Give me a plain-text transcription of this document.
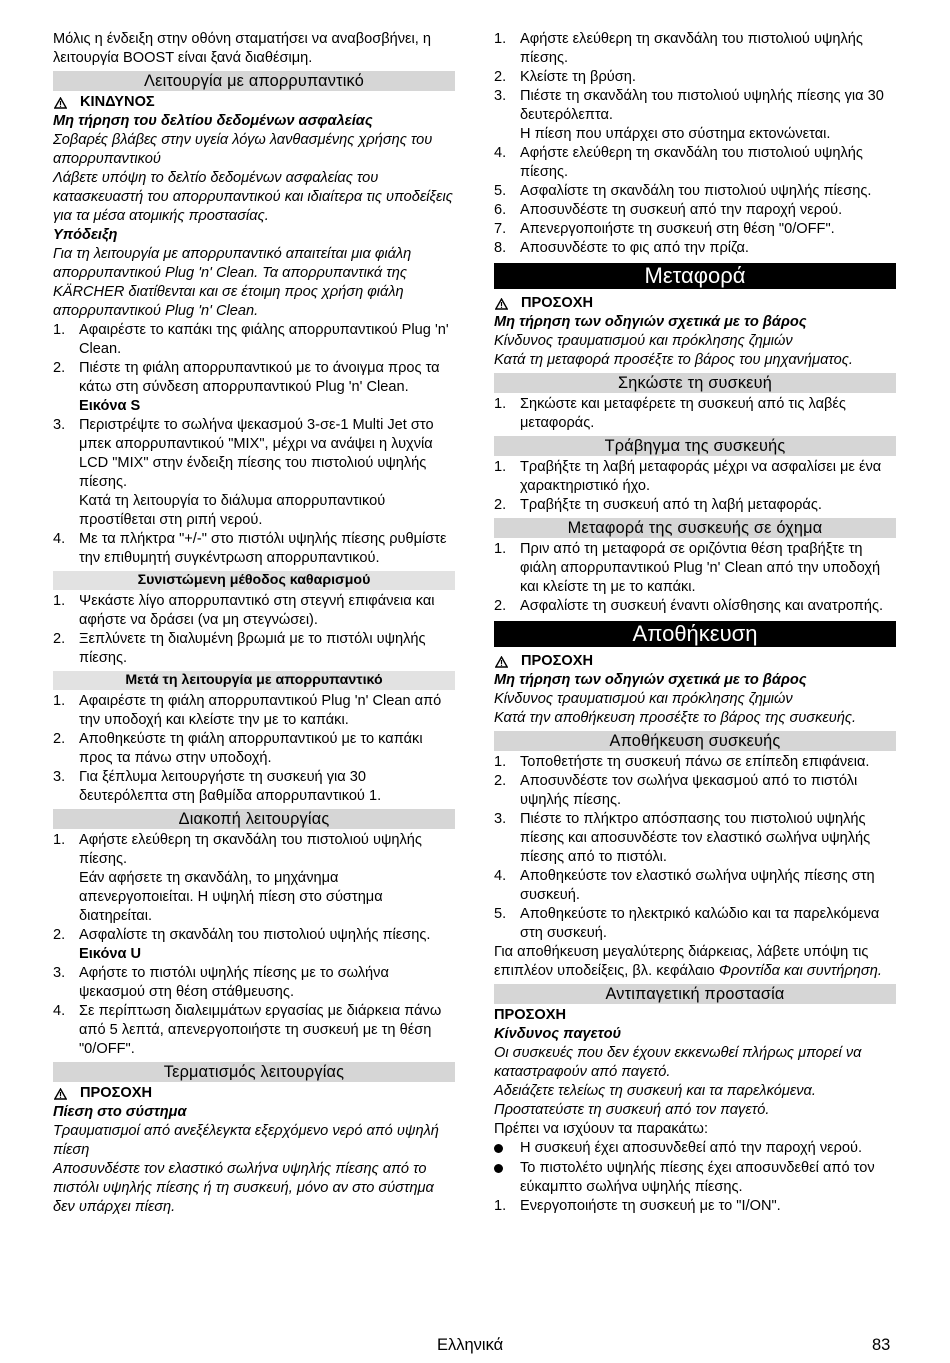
Μόλις η ένδειξη στην οθόνη σταματήσει να αναβοσβήνει, η λειτουργία BOOST είναι ξανά διαθέσιμη.

Λειτουργία με απορρυπαντικό
ΚΙΝΔΥΝΟΣ

Μη τήρηση του δελτίου δεδομένων ασφαλείας

Σοβαρές βλάβες στην υγεία λόγω λανθασμένης χρήσης του απορρυπαντικού

Λάβετε υπόψη το δελτίο δεδομένων ασφαλείας του κατασκευαστή του απορρυπαντικού και ιδιαίτερα τις υποδείξεις για τα μέσα ατομικής προστασίας.

Υπόδειξη

Για τη λειτουργία με απορρυπαντικό απαιτείται μια φιάλη απορρυπαντικού Plug 'n' Clean. Τα απορρυπαντικά της KÄRCHER διατίθενται και σε έτοιμη προς χρήση φιάλη απορρυπαντικού Plug 'n' Clean.

1. Αφαιρέστε το καπάκι της φιάλης απορρυπαντικού Plug 'n' Clean.
2. Πιέστε τη φιάλη απορρυπαντικού με το άνοιγμα προς τα κάτω στη σύνδεση απορρυπαντικού Plug 'n' Clean.
Εικόνα S
3. Περιστρέψτε το σωλήνα ψεκασμού 3-σε-1 Multi Jet στο μπεκ απορρυπαντικού "MIX", μέχρι να ανάψει η λυχνία LCD "MIX" στην ένδειξη πίεσης του πιστολιού υψηλής πίεσης.
Κατά τη λειτουργία το διάλυμα απορρυπαντικού προστίθεται στη ριπή νερού.
4. Με τα πλήκτρα "+/-" στο πιστόλι υψηλής πίεσης ρυθμίστε την επιθυμητή συγκέντρωση απορρυπαντικού.
Συνιστώμενη μέθοδος καθαρισμού
1. Ψεκάστε λίγο απορρυπαντικό στη στεγνή επιφάνεια και αφήστε να δράσει (να μη στεγνώσει).
2. Ξεπλύνετε τη διαλυμένη βρωμιά με το πιστόλι υψηλής πίεσης.
Μετά τη λειτουργία με απορρυπαντικό
1. Αφαιρέστε τη φιάλη απορρυπαντικού Plug 'n' Clean από την υποδοχή και κλείστε την με το καπάκι.
2. Αποθηκεύστε τη φιάλη απορρυπαντικού με το καπάκι προς τα πάνω στην υποδοχή.
3. Για ξέπλυμα λειτουργήστε τη συσκευή για 30 δευτερόλεπτα στη βαθμίδα απορρυπαντικού 1.
Διακοπή λειτουργίας
1. Αφήστε ελεύθερη τη σκανδάλη του πιστολιού υψηλής πίεσης.
Εάν αφήσετε τη σκανδάλη, το μηχάνημα απενεργοποιείται. Η υψηλή πίεση στο σύστημα διατηρείται.
2. Ασφαλίστε τη σκανδάλη του πιστολιού υψηλής πίεσης.
Εικόνα U
3. Αφήστε το πιστόλι υψηλής πίεσης με το σωλήνα ψεκασμού στη θέση στάθμευσης.
4. Σε περίπτωση διαλειμμάτων εργασίας με διάρκεια πάνω από 5 λεπτά, απενεργοποιήστε τη συσκευή με τη θέση "0/OFF".
Τερματισμός λειτουργίας
ΠΡΟΣΟΧΗ

Πίεση στο σύστημα

Τραυματισμοί από ανεξέλεγκτα εξερχόμενο νερό από υψηλή πίεση

Αποσυνδέστε τον ελαστικό σωλήνα υψηλής πίεσης από το πιστόλι υψηλής πίεσης ή τη συσκευή, μόνο αν στο σύστημα δεν υπάρχει πίεση.

1. Αφήστε ελεύθερη τη σκανδάλη του πιστολιού υψηλής πίεσης.
2. Κλείστε τη βρύση.
3. Πιέστε τη σκανδάλη του πιστολιού υψηλής πίεσης για 30 δευτερόλεπτα.
Η πίεση που υπάρχει στο σύστημα εκτονώνεται.
4. Αφήστε ελεύθερη τη σκανδάλη του πιστολιού υψηλής πίεσης.
5. Ασφαλίστε τη σκανδάλη του πιστολιού υψηλής πίεσης.
6. Αποσυνδέστε τη συσκευή από την παροχή νερού.
7. Απενεργοποιήστε τη συσκευή στη θέση "0/OFF".
8. Αποσυνδέστε το φις από την πρίζα.
Μεταφορά
ΠΡΟΣΟΧΗ

Μη τήρηση των οδηγιών σχετικά με το βάρος

Κίνδυνος τραυματισμού και πρόκλησης ζημιών

Κατά τη μεταφορά προσέξτε το βάρος του μηχανήματος.

Σηκώστε τη συσκευή
1. Σηκώστε και μεταφέρετε τη συσκευή από τις λαβές μεταφοράς.
Τράβηγμα της συσκευής
1. Τραβήξτε τη λαβή μεταφοράς μέχρι να ασφαλίσει με ένα χαρακτηριστικό ήχο.
2. Τραβήξτε τη συσκευή από τη λαβή μεταφοράς.
Μεταφορά της συσκευής σε όχημα
1. Πριν από τη μεταφορά σε οριζόντια θέση τραβήξτε τη φιάλη απορρυπαντικού Plug 'n' Clean από την υποδοχή και κλείστε τη με το καπάκι.
2. Ασφαλίστε τη συσκευή έναντι ολίσθησης και ανατροπής.
Αποθήκευση
ΠΡΟΣΟΧΗ

Μη τήρηση των οδηγιών σχετικά με το βάρος

Κίνδυνος τραυματισμού και πρόκλησης ζημιών

Κατά την αποθήκευση προσέξτε το βάρος της συσκευής.

Αποθήκευση συσκευής
1. Τοποθετήστε τη συσκευή πάνω σε επίπεδη επιφάνεια.
2. Αποσυνδέστε τον σωλήνα ψεκασμού από το πιστόλι υψηλής πίεσης.
3. Πιέστε το πλήκτρο απόσπασης του πιστολιού υψηλής πίεσης και αποσυνδέστε τον ελαστικό σωλήνα υψηλής πίεσης από το πιστόλι.
4. Αποθηκεύστε τον ελαστικό σωλήνα υψηλής πίεσης στη συσκευή.
5. Αποθηκεύστε το ηλεκτρικό καλώδιο και τα παρελκόμενα στη συσκευή.

Για αποθήκευση μεγαλύτερης διάρκειας, λάβετε υπόψη τις επιπλέον υποδείξεις, βλ. κεφάλαιο Φροντίδα και συντήρηση.

Αντιπαγετική προστασία

ΠΡΟΣΟΧΗ

Κίνδυνος παγετού

Οι συσκευές που δεν έχουν εκκενωθεί πλήρως μπορεί να καταστραφούν από παγετό.

Αδειάζετε τελείως τη συσκευή και τα παρελκόμενα.

Προστατεύστε τη συσκευή από τον παγετό.

Πρέπει να ισχύουν τα παρακάτω:

Η συσκευή έχει αποσυνδεθεί από την παροχή νερού.
Το πιστολέτο υψηλής πίεσης έχει αποσυνδεθεί από τον εύκαμπτο σωλήνα υψηλής πίεσης.
1. Ενεργοποιήστε τη συσκευή με το "I/ON".
Ελληνικά	83
